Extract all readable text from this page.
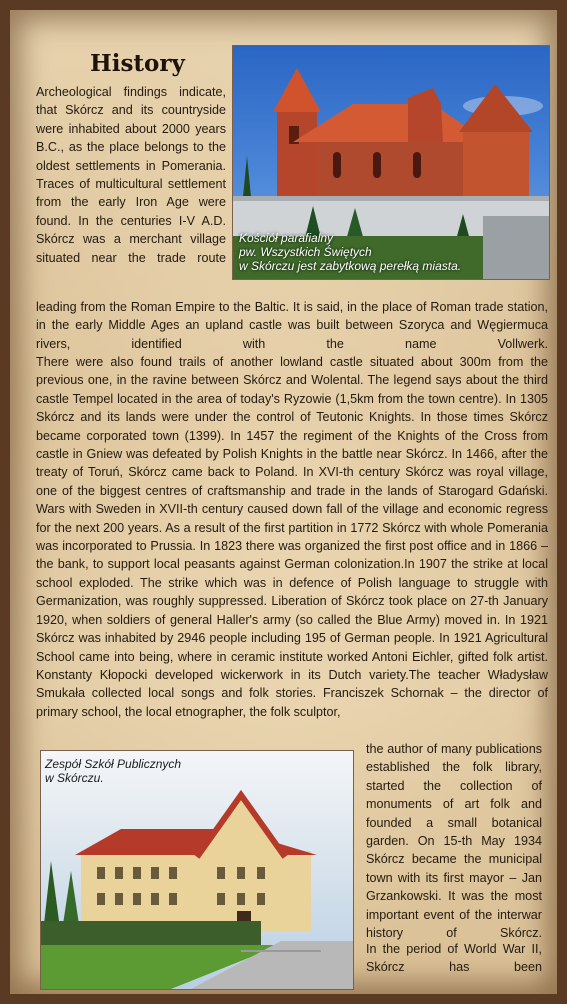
History

Archeological findings indicate, that Skórcz and its countryside were inhabited about 2000 years B.C., as the place belongs to the oldest settlements in Pomerania. Traces of multicultural settlement from the early Iron Age were found. In the centuries I-V A.D. Skórcz was a merchant village situated near the trade route

Kościół parafialny
pw. Wszystkich Świętych
w Skórczu jest zabytkową perełką miasta.

leading from the Roman Empire to the Baltic. It is said, in the place of Roman trade station, in the early Middle Ages an upland castle was built between Szoryca and Węgiermuca rivers, identified with the name Vollwerk.

There were also found trails of another lowland castle situated about 300m from the previous one, in the ravine between Skórcz and Wolental. The legend says about the third castle Tempel located in the area of today's Ryzowie (1,5km from the town centre). In 1305 Skórcz and its lands were under the control of Teutonic Knights. In those times Skórcz became corporated town (1399). In 1457 the regiment of the Knights of the Cross from castle in Gniew was defeated by Polish Knights in the battle near Skórcz. In 1466, after the treaty of Toruń, Skórcz came back to Poland. In XVI-th century Skórcz was royal village, one of the biggest centres of craftsmanship and trade in the lands of Starogard Gdański. Wars with Sweden in XVII-th century caused down fall of the village and economic regress for the next 200 years. As a result of the first partition in 1772 Skórcz with whole Pomerania was incorporated to Prussia. In 1823 there was organized the first post office and in 1866 – the bank, to support local peasants against German colonization.In 1907 the strike at local school exploded. The strike which was in defence of Polish language to struggle with Germanization, was roughly suppressed. Liberation of Skórcz took place on 27-th January 1920, when soldiers of general Haller's army (so called the Blue Army) moved in. In 1921 Skórcz was inhabited by 2946 people including 195 of German people. In 1921 Agricultural School came into being, where in ceramic institute worked Antoni Eichler, gifted folk artist. Konstanty Kłopocki developed wickerwork in its Dutch variety.The teacher Władysław Smukała collected local songs and folk stories. Franciszek Schornak – the director of primary school, the local etnographer, the folk sculptor,

Zespół Szkół Publicznych
w Skórczu.

the author of many publications established the folk library, started the collection of monuments of art folk and founded a small botanical garden. On 15-th May 1934 Skórcz became the municipal town with its first mayor – Jan Grzankowski. It was the most important event of the interwar history of Skórcz.

In the period of World War II, Skórcz has been
